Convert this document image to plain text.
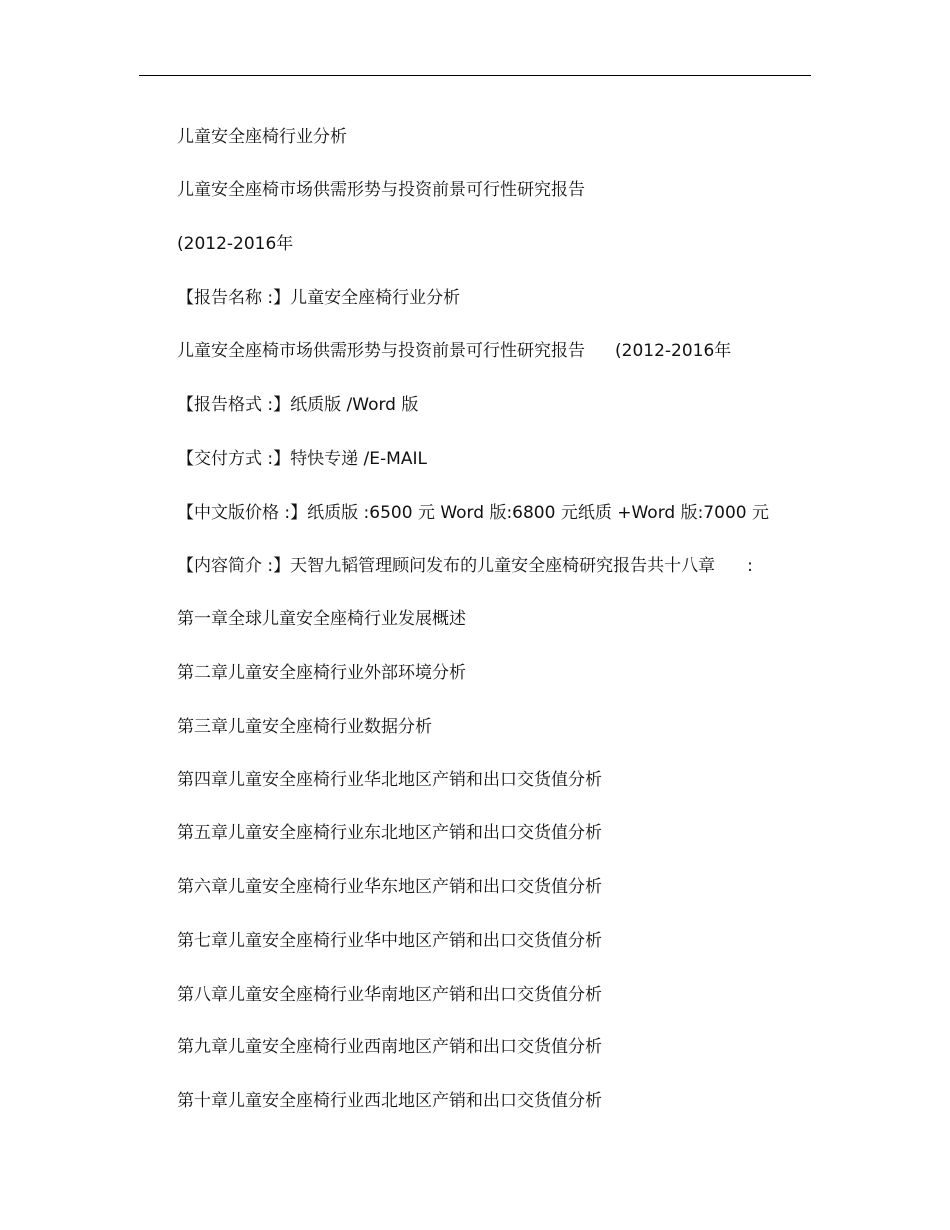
儿童安全座椅行业分析
儿童安全座椅市场供需形势与投资前景可行性研究报告
(2012-2016年
【报告名称 :】儿童安全座椅行业分析
儿童安全座椅市场供需形势与投资前景可行性研究报告 (2012-2016年
【报告格式 :】纸质版 /Word 版
【交付方式 :】特快专递 /E-MAIL
【中文版价格 :】纸质版 :6500 元 Word 版:6800 元纸质 +Word 版:7000 元
【内容简介 :】天智九韬管理顾问发布的儿童安全座椅研究报告共十八章 :
第一章全球儿童安全座椅行业发展概述
第二章儿童安全座椅行业外部环境分析
第三章儿童安全座椅行业数据分析
第四章儿童安全座椅行业华北地区产销和出口交货值分析
第五章儿童安全座椅行业东北地区产销和出口交货值分析
第六章儿童安全座椅行业华东地区产销和出口交货值分析
第七章儿童安全座椅行业华中地区产销和出口交货值分析
第八章儿童安全座椅行业华南地区产销和出口交货值分析
第九章儿童安全座椅行业西南地区产销和出口交货值分析
第十章儿童安全座椅行业西北地区产销和出口交货值分析
